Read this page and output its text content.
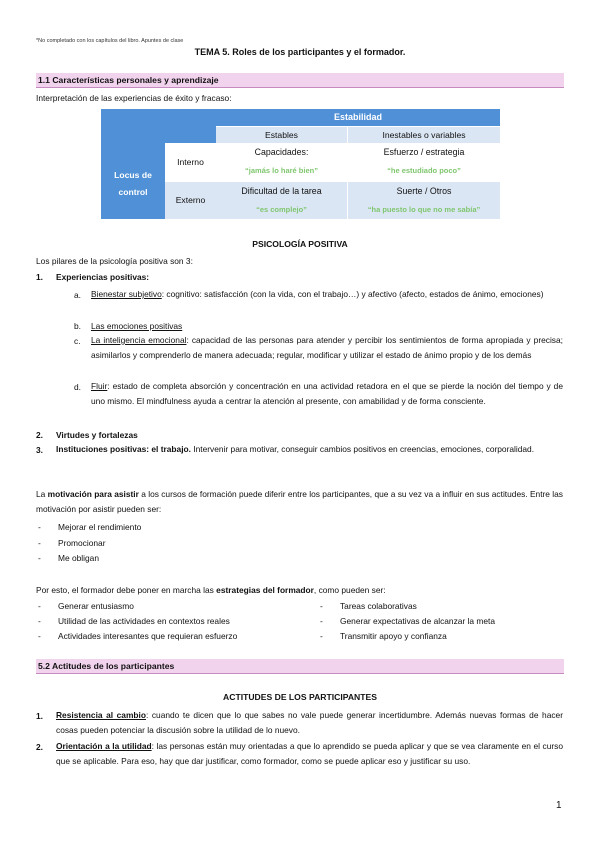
*No completado con los capítulos del libro. Apuntes de clase
TEMA 5. Roles de los participantes y el formador.
1.1 Características personales y aprendizaje
Interpretación de las experiencias de éxito y fracaso:
Estabilidad
Estables	Inestables o variables
Locus de
control
Interno
Externo
Capacidades:
“jamás lo haré bien”
Esfuerzo / estrategia
“he estudiado poco”
Dificultad de la tarea
“es complejo”
Suerte / Otros
“ha puesto lo que no me sabía”
PSICOLOGÍA POSITIVA
Los pilares de la psicología positiva son 3:
1. Experiencias positivas:
a. Bienestar subjetivo: cognitivo: satisfacción (con la vida, con el trabajo…) y afectivo (afecto, estados de ánimo, emociones)
b. Las emociones positivas
c. La inteligencia emocional: capacidad de las personas para atender y percibir los sentimientos de forma apropiada y precisa; asimilarlos y comprenderlo de manera adecuada; regular, modificar y utilizar el estado de ánimo propio y de los demás
d. Fluir: estado de completa absorción y concentración en una actividad retadora en el que se pierde la noción del tiempo y de uno mismo. El mindfulness ayuda a centrar la atención al presente, con amabilidad y de forma consciente.
2. Virtudes y fortalezas
3. Instituciones positivas: el trabajo. Intervenir para motivar, conseguir cambios positivos en creencias, emociones, corporalidad.
La motivación para asistir a los cursos de formación puede diferir entre los participantes, que a su vez va a influir en sus actitudes. Entre las motivación por asistir pueden ser:
- Mejorar el rendimiento
- Promocionar
- Me obligan
Por esto, el formador debe poner en marcha las estrategias del formador, como pueden ser:
- Generar entusiasmo
- Utilidad de las actividades en contextos reales
- Actividades interesantes que requieran esfuerzo
- Tareas colaborativas
- Generar expectativas de alcanzar la meta
- Transmitir apoyo y confianza
5.2 Actitudes de los participantes
ACTITUDES DE LOS PARTICIPANTES
1. Resistencia al cambio: cuando te dicen que lo que sabes no vale puede generar incertidumbre. Además nuevas formas de hacer cosas pueden potenciar la discusión sobre la utilidad de lo nuevo.
2. Orientación a la utilidad: las personas están muy orientadas a que lo aprendido se pueda aplicar y que se vea claramente en el curso que se aplicable. Para eso, hay que dar justificar, como formador, como se puede aplicar eso y justificar su uso.
1
